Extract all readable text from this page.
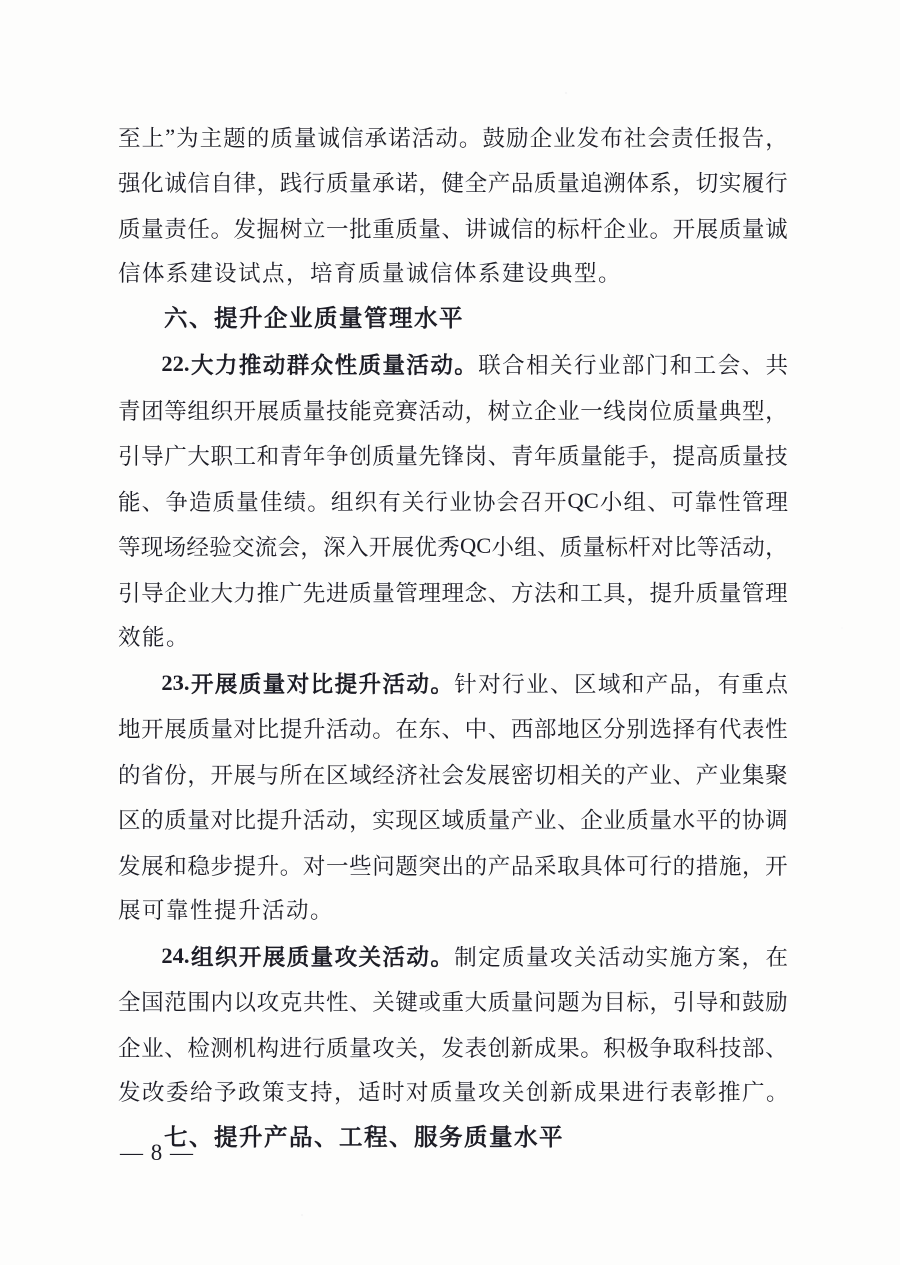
至 上 ” 为 主 题 的 质 量 诚 信 承 诺 活 动 。 鼓 励 企 业 发 布 社 会 责 任 报 告 ，
强 化 诚 信 自 律 ， 践 行 质 量 承 诺 ， 健 全 产 品 质 量 追 溯 体 系 ， 切 实 履 行
质 量 责 任 。 发 掘 树 立 一 批 重 质 量 、 讲 诚 信 的 标 杆 企 业 。 开 展 质 量 诚
信体系建设试点，培育质量诚信体系建设典型。
六、提升企业质量管理水平
22. 大 力 推 动 群 众 性 质 量 活 动 。 联 合 相 关 行 业 部 门 和 工 会 、 共
青 团 等 组 织 开 展 质 量 技 能 竞 赛 活 动 ， 树 立 企 业 一 线 岗 位 质 量 典 型 ，
引 导 广 大 职 工 和 青 年 争 创 质 量 先 锋 岗 、 青 年 质 量 能 手 ， 提 高 质 量 技
能 、 争 造 质 量 佳 绩 。 组 织 有 关 行 业 协 会 召 开 QC 小 组 、 可 靠 性 管 理
等 现 场 经 验 交 流 会 ， 深 入 开 展 优 秀 QC 小 组 、 质 量 标 杆 对 比 等 活 动 ，
引 导 企 业 大 力 推 广 先 进 质 量 管 理 理 念 、 方 法 和 工 具 ， 提 升 质 量 管 理
效能。
23. 开 展 质 量 对 比 提 升 活 动 。 针 对 行 业 、 区 域 和 产 品 ， 有 重 点
地 开 展 质 量 对 比 提 升 活 动 。 在 东 、 中 、 西 部 地 区 分 别 选 择 有 代 表 性
的 省 份 ， 开 展 与 所 在 区 域 经 济 社 会 发 展 密 切 相 关 的 产 业 、 产 业 集 聚
区 的 质 量 对 比 提 升 活 动 ， 实 现 区 域 质 量 产 业 、 企 业 质 量 水 平 的 协 调
发 展 和 稳 步 提 升 。 对 一 些 问 题 突 出 的 产 品 采 取 具 体 可 行 的 措 施 ， 开
展可靠性提升活动。
24. 组 织 开 展 质 量 攻 关 活 动 。 制 定 质 量 攻 关 活 动 实 施 方 案 ， 在
全 国 范 围 内 以 攻 克 共 性 、 关 键 或 重 大 质 量 问 题 为 目 标 ， 引 导 和 鼓 励
企 业 、 检 测 机 构 进 行 质 量 攻 关 ， 发 表 创 新 成 果 。 积 极 争 取 科 技 部 、
发改委给予政策支持，适时对质量攻关创新成果进行表彰推广。
七、提升产品、工程、服务质量水平
— 8 —
